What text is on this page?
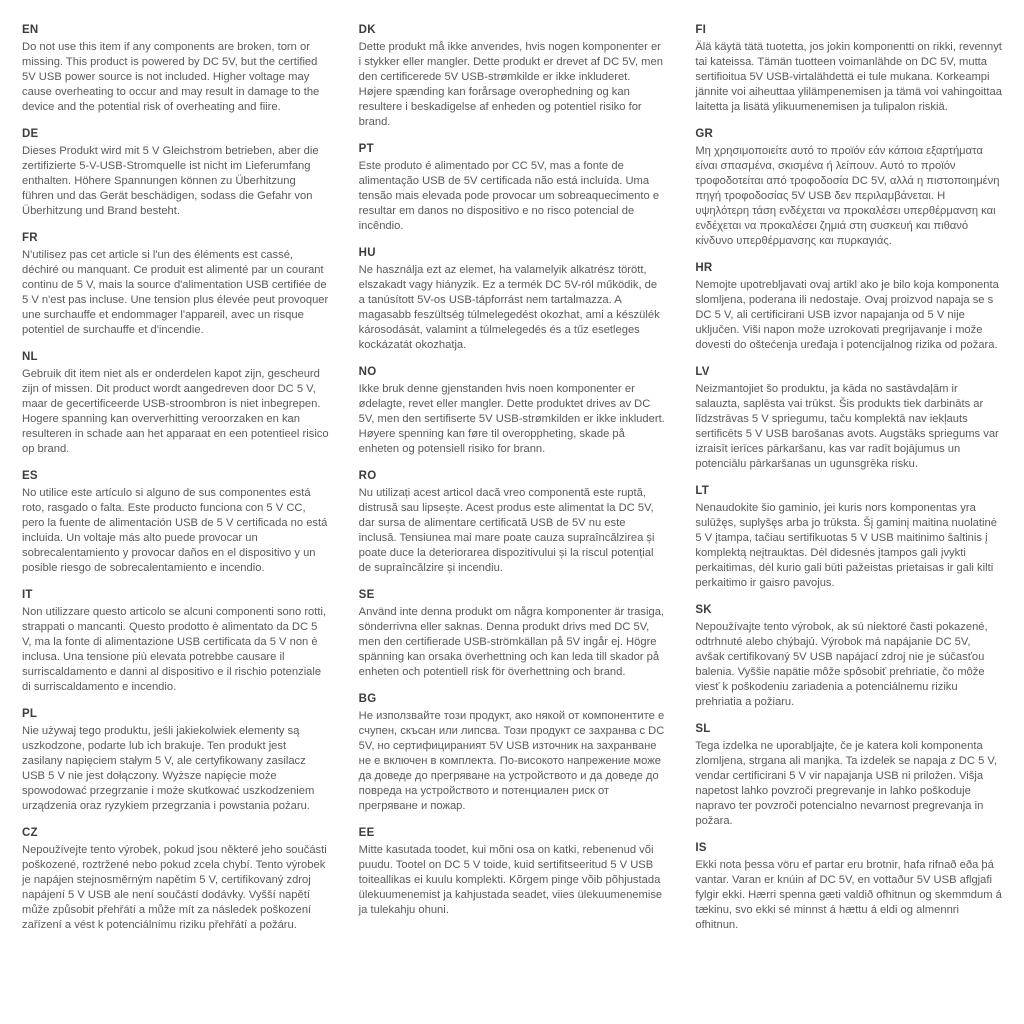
EN

Do not use this item if any components are broken, torn or missing. This product is powered by DC 5V, but the certified 5V USB power source is not included. Higher voltage may cause overheating to occur and may result in damage to the device and the potential risk of overheating and fiire.

DE

Dieses Produkt wird mit 5 V Gleichstrom betrieben, aber die zertifizierte 5-V-USB-Stromquelle ist nicht im Lieferumfang enthalten. Höhere Spannungen können zu Überhitzung führen und das Gerät beschädigen, sodass die Gefahr von Überhitzung und Brand besteht.

FR

N'utilisez pas cet article si l'un des éléments est cassé, déchiré ou manquant. Ce produit est alimenté par un courant continu de 5 V, mais la source d'alimentation USB certifiée de 5 V n'est pas incluse. Une tension plus élevée peut provoquer une surchauffe et endommager l'appareil, avec un risque potentiel de surchauffe et d'incendie.

NL

Gebruik dit item niet als er onderdelen kapot zijn, gescheurd zijn of missen. Dit product wordt aangedreven door DC 5 V, maar de gecertificeerde USB-stroombron is niet inbegrepen. Hogere spanning kan oververhitting veroorzaken en kan resulteren in schade aan het apparaat en een potentieel risico op brand.

ES

No utilice este artículo si alguno de sus componentes está roto, rasgado o falta. Este producto funciona con 5 V CC, pero la fuente de alimentación USB de 5 V certificada no está incluida. Un voltaje más alto puede provocar un sobrecalentamiento y provocar daños en el dispositivo y un posible riesgo de sobrecalentamiento e incendio.

IT

Non utilizzare questo articolo se alcuni componenti sono rotti, strappati o mancanti. Questo prodotto è alimentato da DC 5 V, ma la fonte di alimentazione USB certificata da 5 V non è inclusa. Una tensione più elevata potrebbe causare il surriscaldamento e danni al dispositivo e il rischio potenziale di surriscaldamento e incendio.

PL

Nie używaj tego produktu, jeśli jakiekolwiek elementy są uszkodzone, podarte lub ich brakuje. Ten produkt jest zasilany napięciem stałym 5 V, ale certyfikowany zasilacz USB 5 V nie jest dołączony. Wyższe napięcie może spowodować przegrzanie i może skutkować uszkodzeniem urządzenia oraz ryzykiem przegrzania i powstania pożaru.

CZ

Nepoužívejte tento výrobek, pokud jsou některé jeho součásti poškozené, roztržené nebo pokud zcela chybí. Tento výrobek je napájen stejnosměrným napětím 5 V, certifikovaný zdroj napájení 5 V USB ale není součástí dodávky. Vyšší napětí může způsobit přehřátí a může mít za následek poškození zařízení a vést k potenciálnímu riziku přehřátí a požáru.

DK

Dette produkt må ikke anvendes, hvis nogen komponenter er i stykker eller mangler. Dette produkt er drevet af DC 5V, men den certificerede 5V USB-strømkilde er ikke inkluderet. Højere spænding kan forårsage overophedning og kan resultere i beskadigelse af enheden og potentiel risiko for brand.

PT

Este produto é alimentado por CC 5V, mas a fonte de alimentação USB de 5V certificada não está incluída. Uma tensão mais elevada pode provocar um sobreaquecimento e resultar em danos no dispositivo e no risco potencial de incêndio.

HU

Ne használja ezt az elemet, ha valamelyik alkatrész törött, elszakadt vagy hiányzik. Ez a termék DC 5V-ról működik, de a tanúsított 5V-os USB-tápforrást nem tartalmazza. A magasabb feszültség túlmelegedést okozhat, ami a készülék károsodását, valamint a túlmelegedés és a tűz esetleges kockázatát okozhatja.

NO

Ikke bruk denne gjenstanden hvis noen komponenter er ødelagte, revet eller mangler. Dette produktet drives av DC 5V, men den sertifiserte 5V USB-strømkilden er ikke inkludert. Høyere spenning kan føre til overoppheting, skade på enheten og potensiell risiko for brann.

RO

Nu utilizați acest articol dacă vreo componentă este ruptă, distrusă sau lipsește. Acest produs este alimentat la DC 5V, dar sursa de alimentare certificată USB de 5V nu este inclusă. Tensiunea mai mare poate cauza supraîncălzirea și poate duce la deteriorarea dispozitivului și la riscul potențial de supraîncălzire și incendiu.

SE

Använd inte denna produkt om några komponenter är trasiga, sönderrivna eller saknas. Denna produkt drivs med DC 5V, men den certifierade USB-strömkällan på 5V ingår ej. Högre spänning kan orsaka överhettning och kan leda till skador på enheten och potentiell risk för överhettning och brand.

BG

Не използвайте този продукт, ако някой от компонентите е счупен, скъсан или липсва. Този продукт се захранва с DC 5V, но сертифицираният 5V USB източник на захранване не е включен в комплекта. По-високото напрежение може да доведе до прегряване на устройството и да доведе до повреда на устройството и потенциален риск от прегряване и пожар.

EE

Mitte kasutada toodet, kui mõni osa on katki, rebenenud või puudu. Tootel on DC 5 V toide, kuid sertifitseeritud 5 V USB toiteallikas ei kuulu komplekti. Kõrgem pinge võib põhjustada ülekuumenemist ja kahjustada seadet, viies ülekuumenemise ja tulekahju ohuni.

FI

Älä käytä tätä tuotetta, jos jokin komponentti on rikki, revennyt tai kateissa. Tämän tuotteen voimanlähde on DC 5V, mutta sertifioitua 5V USB-virtalähdettä ei tule mukana. Korkeampi jännite voi aiheuttaa ylilämpenemisen ja tämä voi vahingoittaa laitetta ja lisätä ylikuumenemisen ja tulipalon riskiä.

GR

Μη χρησιμοποιείτε αυτό το προϊόν εάν κάποια εξαρτήματα είναι σπασμένα, σκισμένα ή λείπουν. Αυτό το προϊόν τροφοδοτείται από τροφοδοσία DC 5V, αλλά η πιστοποιημένη πηγή τροφοδοσίας 5V USB δεν περιλαμβάνεται. Η υψηλότερη τάση ενδέχεται να προκαλέσει υπερθέρμανση και ενδέχεται να προκαλέσει ζημιά στη συσκευή και πιθανό κίνδυνο υπερθέρμανσης και πυρκαγιάς.

HR

Nemojte upotrebljavati ovaj artikl ako je bilo koja komponenta slomljena, poderana ili nedostaje. Ovaj proizvod napaja se s DC 5 V, ali certificirani USB izvor napajanja od 5 V nije uključen. Viši napon može uzrokovati pregrijavanje i može dovesti do oštećenja uređaja i potencijalnog rizika od požara.

LV

Neizmantojiet šo produktu, ja kāda no sastāvdaļām ir salauzta, saplēsta vai trūkst. Šis produkts tiek darbināts ar līdzstrāvas 5 V spriegumu, taču komplektā nav iekļauts sertificēts 5 V USB barošanas avots. Augstāks spriegums var izraisīt ierīces pārkaršanu, kas var radīt bojājumus un potenciālu pārkaršanas un ugunsgrēka risku.

LT

Nenaudokite šio gaminio, jei kuris nors komponentas yra sulūžęs, suplyšęs arba jo trūksta. Šį gaminį maitina nuolatinė 5 V įtampa, tačiau sertifikuotas 5 V USB maitinimo šaltinis į komplektą neįtrauktas. Dėl didesnės įtampos gali įvykti perkaitimas, dėl kurio gali būti pažeistas prietaisas ir gali kilti perkaitimo ir gaisro pavojus.

SK

Nepoužívajte tento výrobok, ak sú niektoré časti pokazené, odtrhnuté alebo chýbajú. Výrobok má napájanie DC 5V, avšak certifikovaný 5V USB napájací zdroj nie je súčasťou balenia. Vyššie napätie môže spôsobiť prehriatie, čo môže viesť k poškodeniu zariadenia a potenciálnemu riziku prehriatia a požiaru.

SL

Tega izdelka ne uporabljajte, če je katera koli komponenta zlomljena, strgana ali manjka. Ta izdelek se napaja z DC 5 V, vendar certificirani 5 V vir napajanja USB ni priložen. Višja napetost lahko povzroči pregrevanje in lahko poškoduje napravo ter povzroči potencialno nevarnost pregrevanja in požara.

IS

Ekki nota þessa vöru ef partar eru brotnir, hafa rifnað eða þá vantar. Varan er knúin af DC 5V, en vottaður 5V USB aflgjafi fylgir ekki. Hærri spenna gæti valdið ofhitnun og skemmdum á tækinu, svo ekki sé minnst á hættu á eldi og almennri ofhitnun.
